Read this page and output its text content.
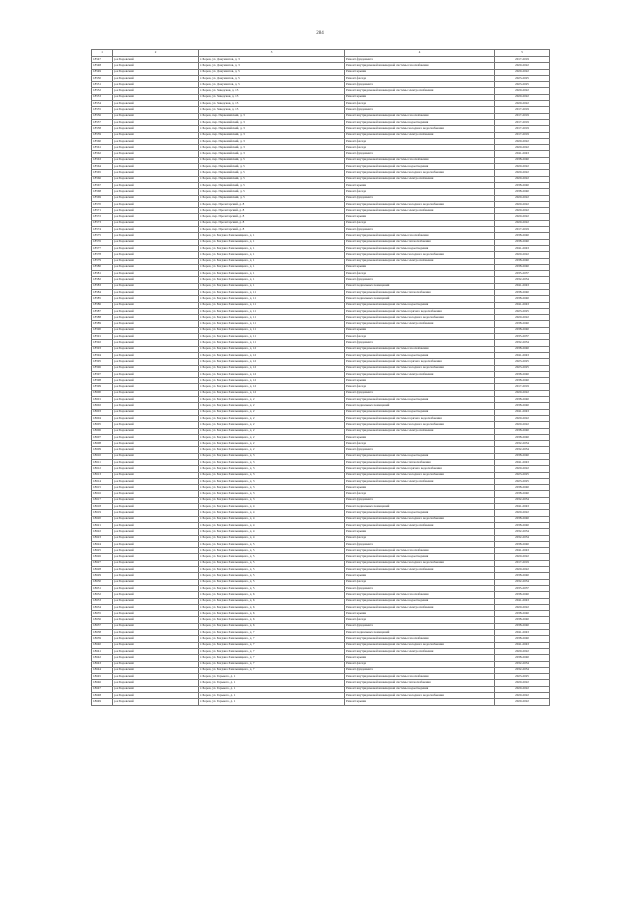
284
1	2	3	4	5
18547	р-н Боровский	г. Боров, ул. Документов, д. 3	Ремонт фундамента	2017-2019
18548	р-н Боровский	г. Боров, ул. Документов, д. 3	Ремонт внутридомовой инженерной системы газоснабжения	2020-2022
18549	р-н Боровский	г. Боров, ул. Документов, д. 5	Ремонт крыши	2020-2022
18550	р-н Боровский	г. Боров, ул. Документов, д. 5	Ремонт фасада	2023-2025
18551	р-н Боровский	г. Боров, ул. Документов, д. 5	Ремонт фундамента	2023-2025
18552	р-н Боровский	г. Боров, ул. Заводская, д. 15	Ремонт внутридомовой инженерной системы электроснабжения	2020-2022
18553	р-н Боровский	г. Боров, ул. Заводская, д. 15	Ремонт крыши	2020-2022
18554	р-н Боровский	г. Боров, ул. Заводская, д. 15	Ремонт фасада	2020-2022
18555	р-н Боровский	г. Боров, ул. Заводская, д. 15	Ремонт фундамента	2017-2019
18556	р-н Боровский	г. Боров, пер. Первомайский, д. 3	Ремонт внутридомовой инженерной системы газоснабжения	2017-2019
18557	р-н Боровский	г. Боров, пер. Первомайский, д. 3	Ремонт внутридомовой инженерной системы водоотведения	2017-2019
18558	р-н Боровский	г. Боров, пер. Первомайский, д. 3	Ремонт внутридомовой инженерной системы холодного водоснабжения	2017-2019
18559	р-н Боровский	г. Боров, пер. Первомайский, д. 3	Ремонт внутридомовой инженерной системы электроснабжения	2017-2019
18560	р-н Боровский	г. Боров, пер. Первомайский, д. 3	Ремонт фасада	2020-2022
18561	р-н Боровский	г. Боров, пер. Первомайский, д. 3	Ремонт фасада	2020-2022
18562	р-н Боровский	г. Боров, пер. Первомайский, д. 3	Ремонт фундамента	2041-2043
18563	р-н Боровский	г. Боров, пер. Первомайский, д. 5	Ремонт внутридомовой инженерной системы газоснабжения	2038-2040
18564	р-н Боровский	г. Боров, пер. Первомайский, д. 5	Ремонт внутридомовой инженерной системы водоотведения	2020-2022
18565	р-н Боровский	г. Боров, пер. Первомайский, д. 5	Ремонт внутридомовой инженерной системы холодного водоснабжения	2020-2022
18566	р-н Боровский	г. Боров, пер. Первомайский, д. 5	Ремонт внутридомовой инженерной системы электроснабжения	2020-2022
18567	р-н Боровский	г. Боров, пер. Первомайский, д. 5	Ремонт крыши	2038-2040
18568	р-н Боровский	г. Боров, пер. Первомайский, д. 5	Ремонт фасада	2038-2040
18569	р-н Боровский	г. Боров, пер. Первомайский, д. 5	Ремонт фундамента	2020-2022
18570	р-н Боровский	г. Боров, пер. Пролетарский, д. 8	Ремонт внутридомовой инженерной системы холодного водоснабжения	2020-2022
18571	р-н Боровский	г. Боров, пер. Пролетарский, д. 8	Ремонт внутридомовой инженерной системы электроснабжения	2020-2022
18572	р-н Боровский	г. Боров, пер. Пролетарский, д. 8	Ремонт крыши	2020-2022
18573	р-н Боровский	г. Боров, пер. Пролетарский, д. 8	Ремонт фасада	2020-2022
18574	р-н Боровский	г. Боров, пер. Пролетарский, д. 8	Ремонт фундамента	2017-2019
18575	р-н Боровский	г. Боров, ул. Богдана Хмельницкого, д. 1	Ремонт внутридомовой инженерной системы газоснабжения	2038-2040
18576	р-н Боровский	г. Боров, ул. Богдана Хмельницкого, д. 1	Ремонт внутридомовой инженерной системы теплоснабжения	2038-2040
18577	р-н Боровский	г. Боров, ул. Богдана Хмельницкого, д. 1	Ремонт внутридомовой инженерной системы водоотведения	2041-2043
18578	р-н Боровский	г. Боров, ул. Богдана Хмельницкого, д. 1	Ремонт внутридомовой инженерной системы холодного водоснабжения	2020-2022
18579	р-н Боровский	г. Боров, ул. Богдана Хмельницкого, д. 1	Ремонт внутридомовой инженерной системы электроснабжения	2038-2040
18580	р-н Боровский	г. Боров, ул. Богдана Хмельницкого, д. 1	Ремонт крыши	2038-2040
18581	р-н Боровский	г. Боров, ул. Богдана Хмельницкого, д. 1	Ремонт фасада	2035-2037
18582	р-н Боровский	г. Боров, ул. Богдана Хмельницкого, д. 1	Ремонт фундамента	2032-2034
18583	р-н Боровский	г. Боров, ул. Богдана Хмельницкого, д. 1	Ремонт подвальных помещений	2041-2043
18584	р-н Боровский	г. Боров, ул. Богдана Хмельницкого, д. 11	Ремонт внутридомовой инженерной системы теплоснабжения	2038-2040
18585	р-н Боровский	г. Боров, ул. Богдана Хмельницкого, д. 11	Ремонт подвальных помещений	2038-2040
18586	р-н Боровский	г. Боров, ул. Богдана Хмельницкого, д. 11	Ремонт внутридомовой инженерной системы водоотведения	2041-2043
18587	р-н Боровский	г. Боров, ул. Богдана Хмельницкого, д. 11	Ремонт внутридомовой инженерной системы горячего водоснабжения	2023-2025
18588	р-н Боровский	г. Боров, ул. Богдана Хмельницкого, д. 11	Ремонт внутридомовой инженерной системы холодного водоснабжения	2020-2022
18589	р-н Боровский	г. Боров, ул. Богдана Хмельницкого, д. 11	Ремонт внутридомовой инженерной системы электроснабжения	2038-2040
18590	р-н Боровский	г. Боров, ул. Богдана Хмельницкого, д. 11	Ремонт крыши	2038-2040
18591	р-н Боровский	г. Боров, ул. Богдана Хмельницкого, д. 11	Ремонт фасада	2035-2037
18592	р-н Боровский	г. Боров, ул. Богдана Хмельницкого, д. 11	Ремонт фундамента	2032-2034
18593	р-н Боровский	г. Боров, ул. Богдана Хмельницкого, д. 12	Ремонт внутридомовой инженерной системы газоснабжения	2038-2040
18594	р-н Боровский	г. Боров, ул. Богдана Хмельницкого, д. 12	Ремонт внутридомовой инженерной системы водоотведения	2041-2043
18595	р-н Боровский	г. Боров, ул. Богдана Хмельницкого, д. 12	Ремонт внутридомовой инженерной системы горячего водоснабжения	2023-2025
18596	р-н Боровский	г. Боров, ул. Богдана Хмельницкого, д. 12	Ремонт внутридомовой инженерной системы холодного водоснабжения	2023-2025
18597	р-н Боровский	г. Боров, ул. Богдана Хмельницкого, д. 12	Ремонт внутридомовой инженерной системы электроснабжения	2038-2040
18598	р-н Боровский	г. Боров, ул. Богдана Хмельницкого, д. 12	Ремонт крыши	2038-2040
18599	р-н Боровский	г. Боров, ул. Богдана Хмельницкого, д. 12	Ремонт фасада	2017-2019
18600	р-н Боровский	г. Боров, ул. Богдана Хмельницкого, д. 12	Ремонт фундамента	2020-2022
18601	р-н Боровский	г. Боров, ул. Богдана Хмельницкого, д. 2	Ремонт внутридомовой инженерной системы водоотведения	2038-2040
18602	р-н Боровский	г. Боров, ул. Богдана Хмельницкого, д. 2	Ремонт подвальных помещений	2038-2040
18603	р-н Боровский	г. Боров, ул. Богдана Хмельницкого, д. 2	Ремонт внутридомовой инженерной системы водоотведения	2041-2043
18604	р-н Боровский	г. Боров, ул. Богдана Хмельницкого, д. 2	Ремонт внутридомовой инженерной системы горячего водоснабжения	2020-2022
18605	р-н Боровский	г. Боров, ул. Богдана Хмельницкого, д. 2	Ремонт внутридомовой инженерной системы холодного водоснабжения	2020-2022
18606	р-н Боровский	г. Боров, ул. Богдана Хмельницкого, д. 2	Ремонт внутридомовой инженерной системы электроснабжения	2038-2040
18607	р-н Боровский	г. Боров, ул. Богдана Хмельницкого, д. 2	Ремонт крыши	2038-2040
18608	р-н Боровский	г. Боров, ул. Богдана Хмельницкого, д. 2	Ремонт фасада	2032-2034
18609	р-н Боровский	г. Боров, ул. Богдана Хмельницкого, д. 2	Ремонт фундамента	2032-2034
18610	р-н Боровский	г. Боров, ул. Богдана Хмельницкого, д. 3	Ремонт внутридомовой инженерной системы водоотведения	2038-2040
18611	р-н Боровский	г. Боров, ул. Богдана Хмельницкого, д. 3	Ремонт внутридомовой инженерной системы теплоснабжения	2041-2043
18612	р-н Боровский	г. Боров, ул. Богдана Хмельницкого, д. 3	Ремонт внутридомовой инженерной системы горячего водоснабжения	2020-2022
18613	р-н Боровский	г. Боров, ул. Богдана Хмельницкого, д. 3	Ремонт внутридомовой инженерной системы холодного водоснабжения	2023-2025
18614	р-н Боровский	г. Боров, ул. Богдана Хмельницкого, д. 3	Ремонт внутридомовой инженерной системы электроснабжения	2023-2025
18615	р-н Боровский	г. Боров, ул. Богдана Хмельницкого, д. 3	Ремонт крыши	2038-2040
18616	р-н Боровский	г. Боров, ул. Богдана Хмельницкого, д. 3	Ремонт фасада	2038-2040
18617	р-н Боровский	г. Боров, ул. Богдана Хмельницкого, д. 3	Ремонт фундамента	2032-2034
18618	р-н Боровский	г. Боров, ул. Богдана Хмельницкого, д. 4	Ремонт подвальных помещений	2041-2043
18619	р-н Боровский	г. Боров, ул. Богдана Хмельницкого, д. 4	Ремонт внутридомовой инженерной системы водоотведения	2020-2022
18620	р-н Боровский	г. Боров, ул. Богдана Хмельницкого, д. 4	Ремонт внутридомовой инженерной системы холодного водоснабжения	2038-2040
18621	р-н Боровский	г. Боров, ул. Богдана Хмельницкого, д. 4	Ремонт внутридомовой инженерной системы электроснабжения	2038-2040
18622	р-н Боровский	г. Боров, ул. Богдана Хмельницкого, д. 4	Ремонт крыши	2032-2034
18623	р-н Боровский	г. Боров, ул. Богдана Хмельницкого, д. 4	Ремонт фасада	2032-2034
18624	р-н Боровский	г. Боров, ул. Богдана Хмельницкого, д. 5	Ремонт фундамента	2038-2040
18625	р-н Боровский	г. Боров, ул. Богдана Хмельницкого, д. 5	Ремонт внутридомовой инженерной системы газоснабжения	2041-2043
18626	р-н Боровский	г. Боров, ул. Богдана Хмельницкого, д. 5	Ремонт внутридомовой инженерной системы водоотведения	2020-2022
18627	р-н Боровский	г. Боров, ул. Богдана Хмельницкого, д. 5	Ремонт внутридомовой инженерной системы холодного водоснабжения	2017-2019
18628	р-н Боровский	г. Боров, ул. Богдана Хмельницкого, д. 5	Ремонт внутридомовой инженерной системы электроснабжения	2020-2022
18629	р-н Боровский	г. Боров, ул. Богдана Хмельницкого, д. 5	Ремонт крыши	2038-2040
18630	р-н Боровский	г. Боров, ул. Богдана Хмельницкого, д. 5	Ремонт фасада	2032-2034
18631	р-н Боровский	г. Боров, ул. Богдана Хмельницкого, д. 5	Ремонт фундамента	2035-2037
18632	р-н Боровский	г. Боров, ул. Богдана Хмельницкого, д. 6	Ремонт внутридомовой инженерной системы газоснабжения	2038-2040
18633	р-н Боровский	г. Боров, ул. Богдана Хмельницкого, д. 6	Ремонт внутридомовой инженерной системы водоотведения	2041-2043
18634	р-н Боровский	г. Боров, ул. Богдана Хмельницкого, д. 6	Ремонт внутридомовой инженерной системы электроснабжения	2020-2022
18635	р-н Боровский	г. Боров, ул. Богдана Хмельницкого, д. 6	Ремонт крыши	2038-2040
18636	р-н Боровский	г. Боров, ул. Богдана Хмельницкого, д. 6	Ремонт фасада	2038-2040
18637	р-н Боровский	г. Боров, ул. Богдана Хмельницкого, д. 6	Ремонт фундамента	2038-2040
18638	р-н Боровский	г. Боров, ул. Богдана Хмельницкого, д. 7	Ремонт подвальных помещений	2041-2043
18639	р-н Боровский	г. Боров, ул. Богдана Хмельницкого, д. 7	Ремонт внутридомовой инженерной системы газоснабжения	2038-2040
18640	р-н Боровский	г. Боров, ул. Богдана Хмельницкого, д. 7	Ремонт внутридомовой инженерной системы холодного водоснабжения	2041-2043
18641	р-н Боровский	г. Боров, ул. Богдана Хмельницкого, д. 7	Ремонт внутридомовой инженерной системы электроснабжения	2020-2022
18642	р-н Боровский	г. Боров, ул. Богдана Хмельницкого, д. 7	Ремонт крыши	2038-2040
18643	р-н Боровский	г. Боров, ул. Богдана Хмельницкого, д. 7	Ремонт фасада	2032-2034
18644	р-н Боровский	г. Боров, ул. Богдана Хмельницкого, д. 7	Ремонт фундамента	2032-2034
18645	р-н Боровский	г. Боров, ул. Горького, д. 1	Ремонт внутридомовой инженерной системы газоснабжения	2023-2025
18646	р-н Боровский	г. Боров, ул. Горького, д. 1	Ремонт внутридомовой инженерной системы теплоснабжения	2020-2022
18647	р-н Боровский	г. Боров, ул. Горького, д. 1	Ремонт внутридомовой инженерной системы водоотведения	2020-2022
18648	р-н Боровский	г. Боров, ул. Горького, д. 1	Ремонт внутридомовой инженерной системы холодного водоснабжения	2020-2022
18649	р-н Боровский	г. Боров, ул. Горького, д. 1	Ремонт крыши	2020-2022
